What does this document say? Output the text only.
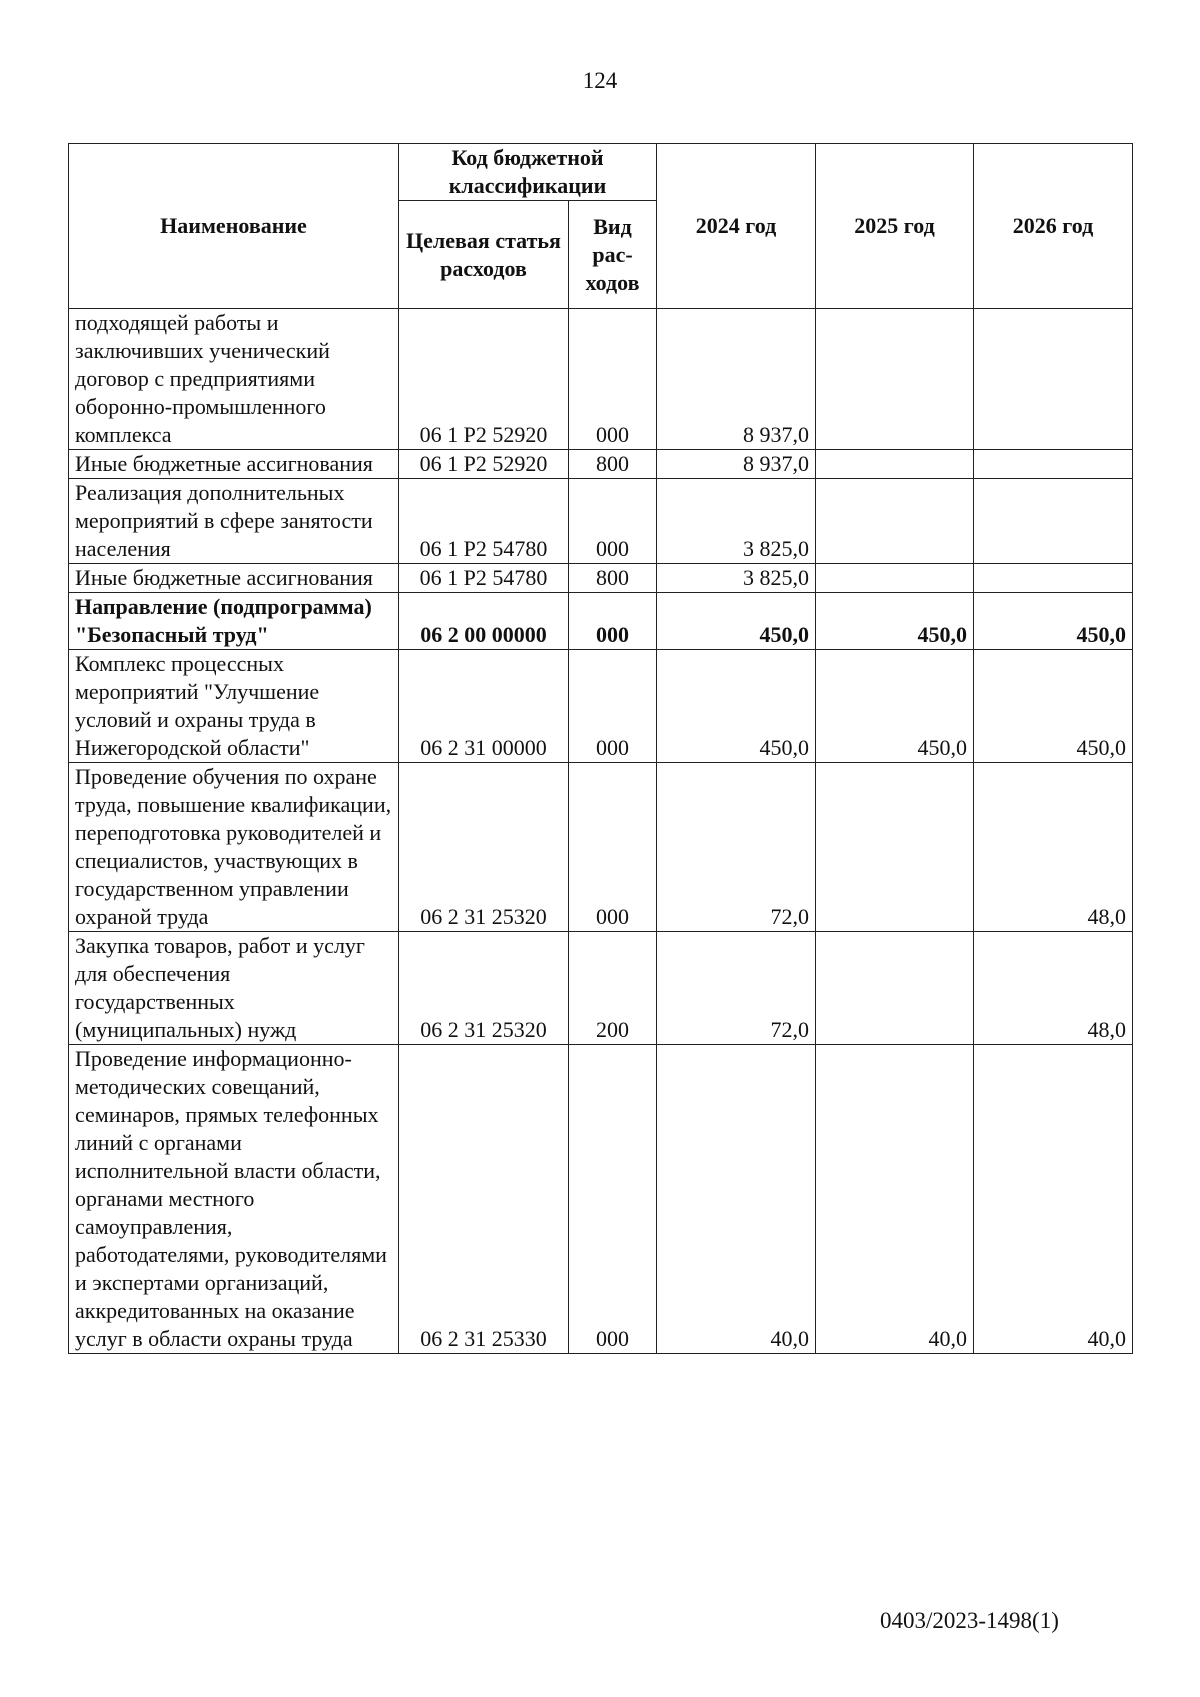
124
Наименование	Код бюджетной классификации		2024 год	2025 год	2026 год
	Целевая статья расходов	Вид рас-ходов			
подходящей работы и заключивших ученический договор с предприятиями оборонно-промышленного комплекса	06 1 Р2 52920	000	8 937,0		
Иные бюджетные ассигнования	06 1 Р2 52920	800	8 937,0		
Реализация дополнительных мероприятий в сфере занятости населения	06 1 Р2 54780	000	3 825,0		
Иные бюджетные ассигнования	06 1 Р2 54780	800	3 825,0		
Направление (подпрограмма) "Безопасный труд"	06 2 00 00000	000	450,0	450,0	450,0
Комплекс процессных мероприятий "Улучшение условий и охраны труда в Нижегородской области"	06 2 31 00000	000	450,0	450,0	450,0
Проведение обучения по охране труда, повышение квалификации, переподготовка руководителей и специалистов, участвующих в государственном управлении охраной труда	06 2 31 25320	000	72,0		48,0
Закупка товаров, работ и услуг для обеспечения государственных (муниципальных) нужд	06 2 31 25320	200	72,0		48,0
Проведение информационно-методических совещаний, семинаров, прямых телефонных линий с органами исполнительной власти области, органами местного самоуправления, работодателями, руководителями и экспертами организаций, аккредитованных на оказание услуг в области охраны труда	06 2 31 25330	000	40,0	40,0	40,0
0403/2023-1498(1)
